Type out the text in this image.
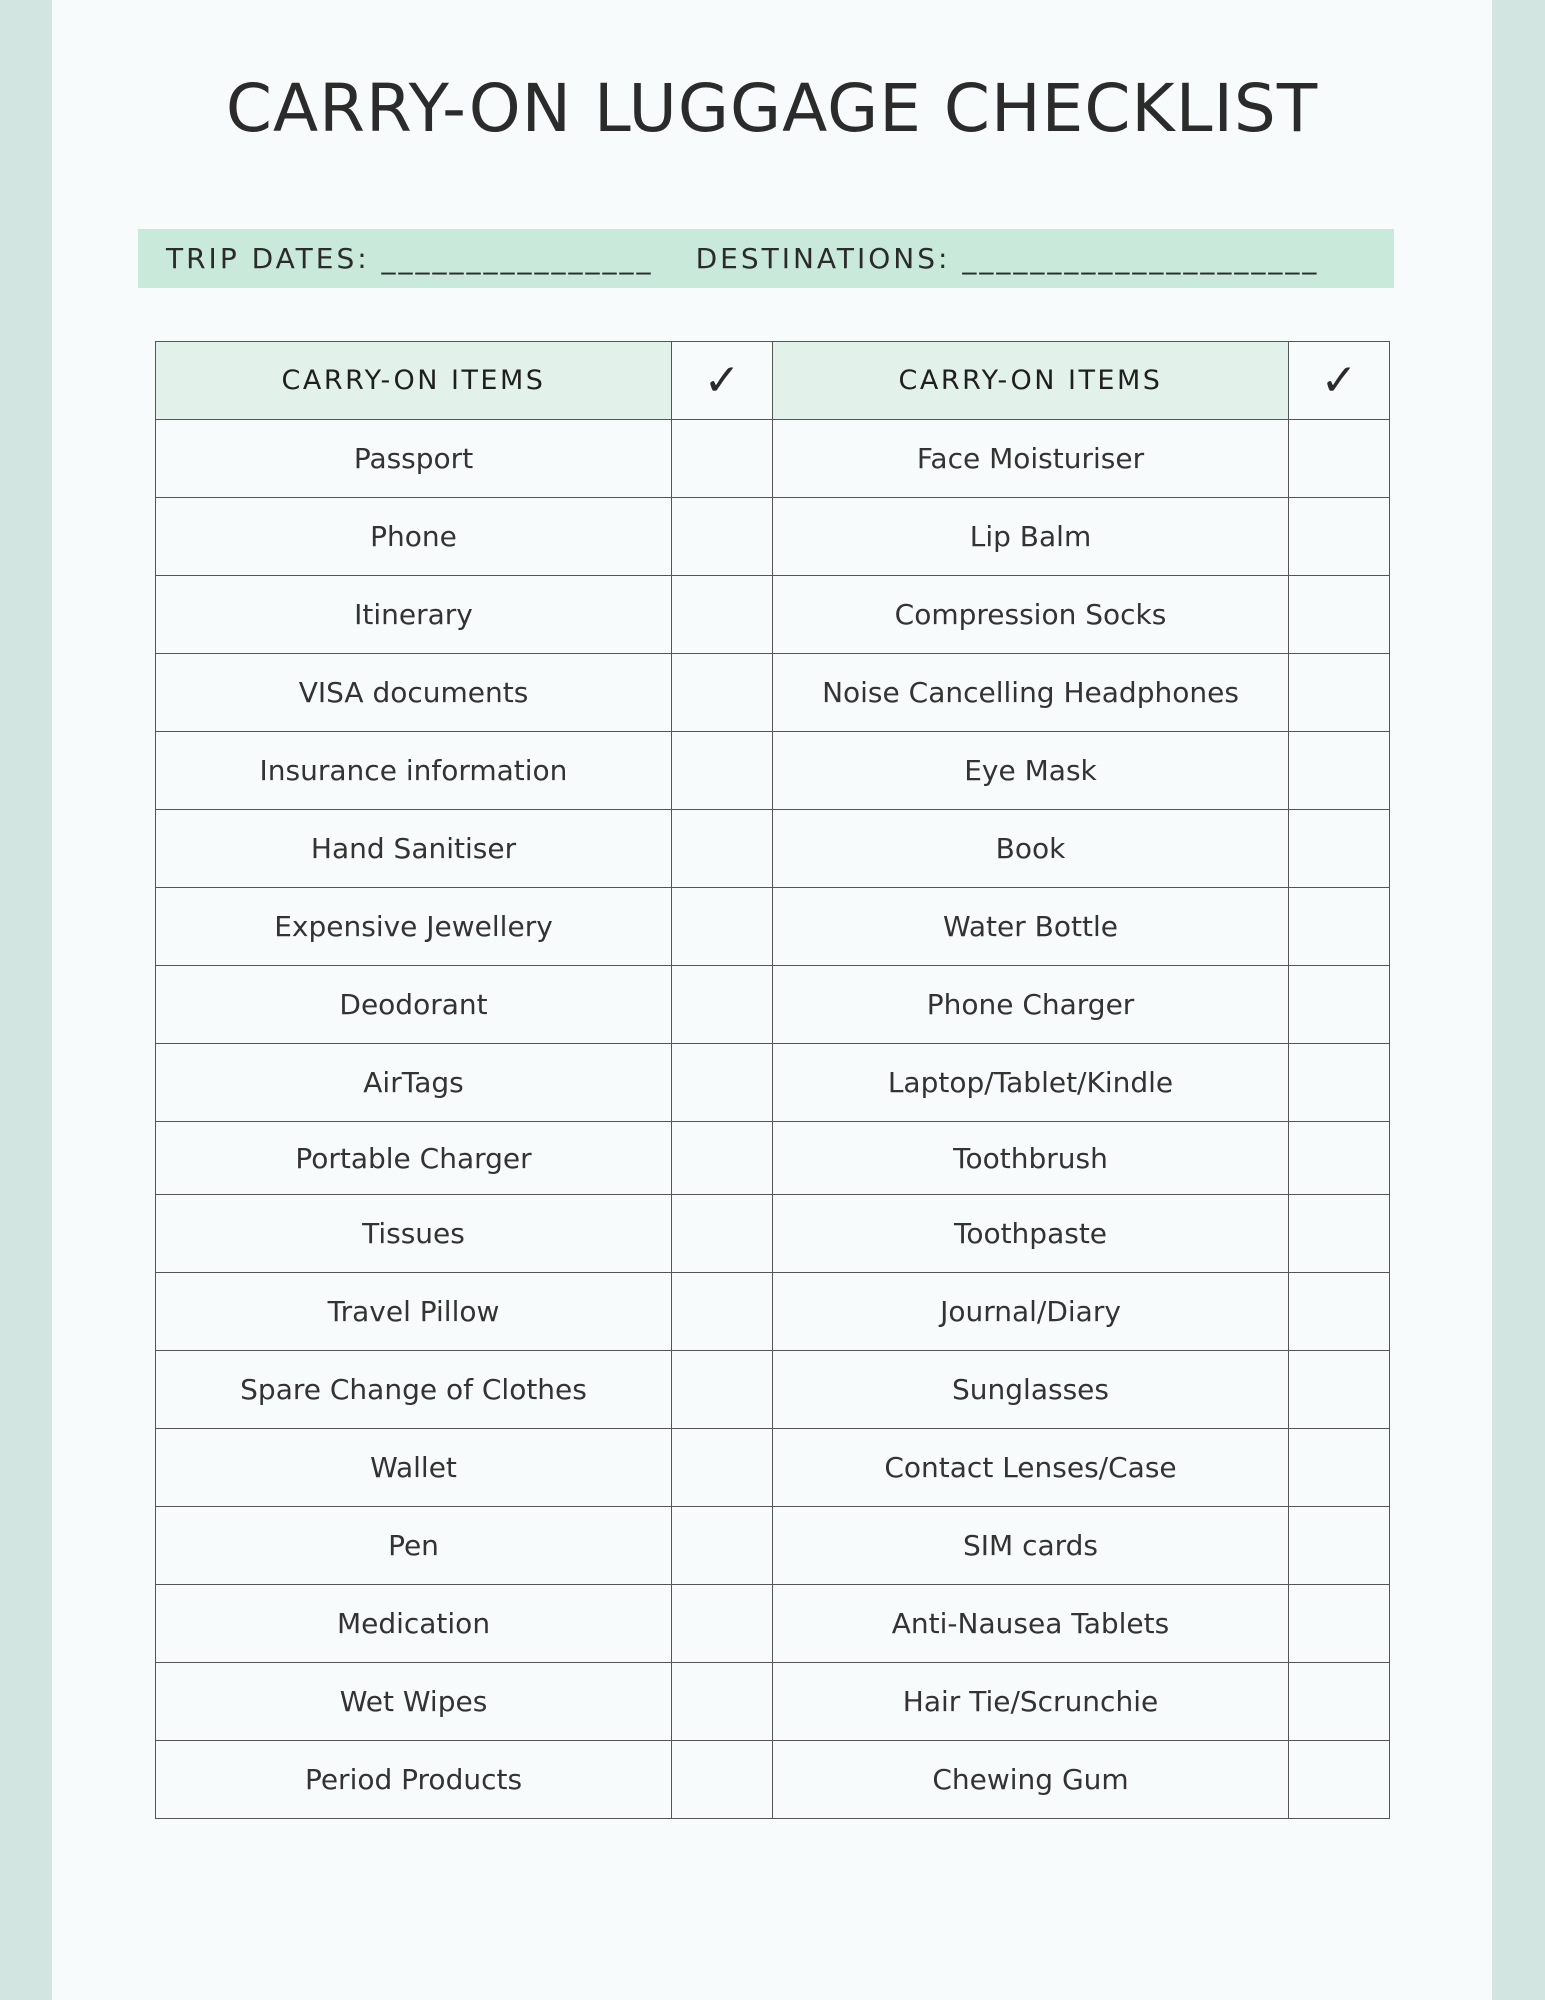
CARRY-ON LUGGAGE CHECKLIST
TRIP DATES: ________________ DESTINATIONS: _____________________
CARRY-ON ITEMS	✓	CARRY-ON ITEMS	✓
Passport		Face Moisturiser	
Phone		Lip Balm	
Itinerary		Compression Socks	
VISA documents		Noise Cancelling Headphones	
Insurance information		Eye Mask	
Hand Sanitiser		Book	
Expensive Jewellery		Water Bottle	
Deodorant		Phone Charger	
AirTags		Laptop/Tablet/Kindle	
Portable Charger		Toothbrush	
Tissues		Toothpaste	
Travel Pillow		Journal/Diary	
Spare Change of Clothes		Sunglasses	
Wallet		Contact Lenses/Case	
Pen		SIM cards	
Medication		Anti-Nausea Tablets	
Wet Wipes		Hair Tie/Scrunchie	
Period Products		Chewing Gum	
